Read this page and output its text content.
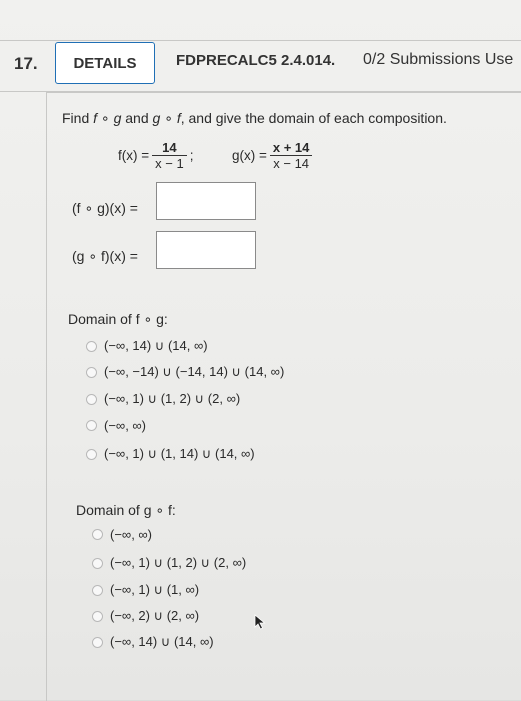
17.	DETAILS	FDPRECALC5 2.4.014. 0/2 Submissions Use
Find f ∘ g and g ∘ f, and give the domain of each composition.
$f(x) = \frac{14}{x - 1}$ ;	$g(x) = \frac{x + 14}{x - 14}$
(f ∘ g)(x) =
(g ∘ f)(x) =
Domain of f ∘ g:
(−∞, 14) ∪ (14, ∞)
(−∞, −14) ∪ (−14, 14) ∪ (14, ∞)
(−∞, 1) ∪ (1, 2) ∪ (2, ∞)
(−∞, ∞)
(−∞, 1) ∪ (1, 14) ∪ (14, ∞)
Domain of g ∘ f:
(−∞, ∞)
(−∞, 1) ∪ (1, 2) ∪ (2, ∞)
(−∞, 1) ∪ (1, ∞)
(−∞, 2) ∪ (2, ∞)
(−∞, 14) ∪ (14, ∞)
